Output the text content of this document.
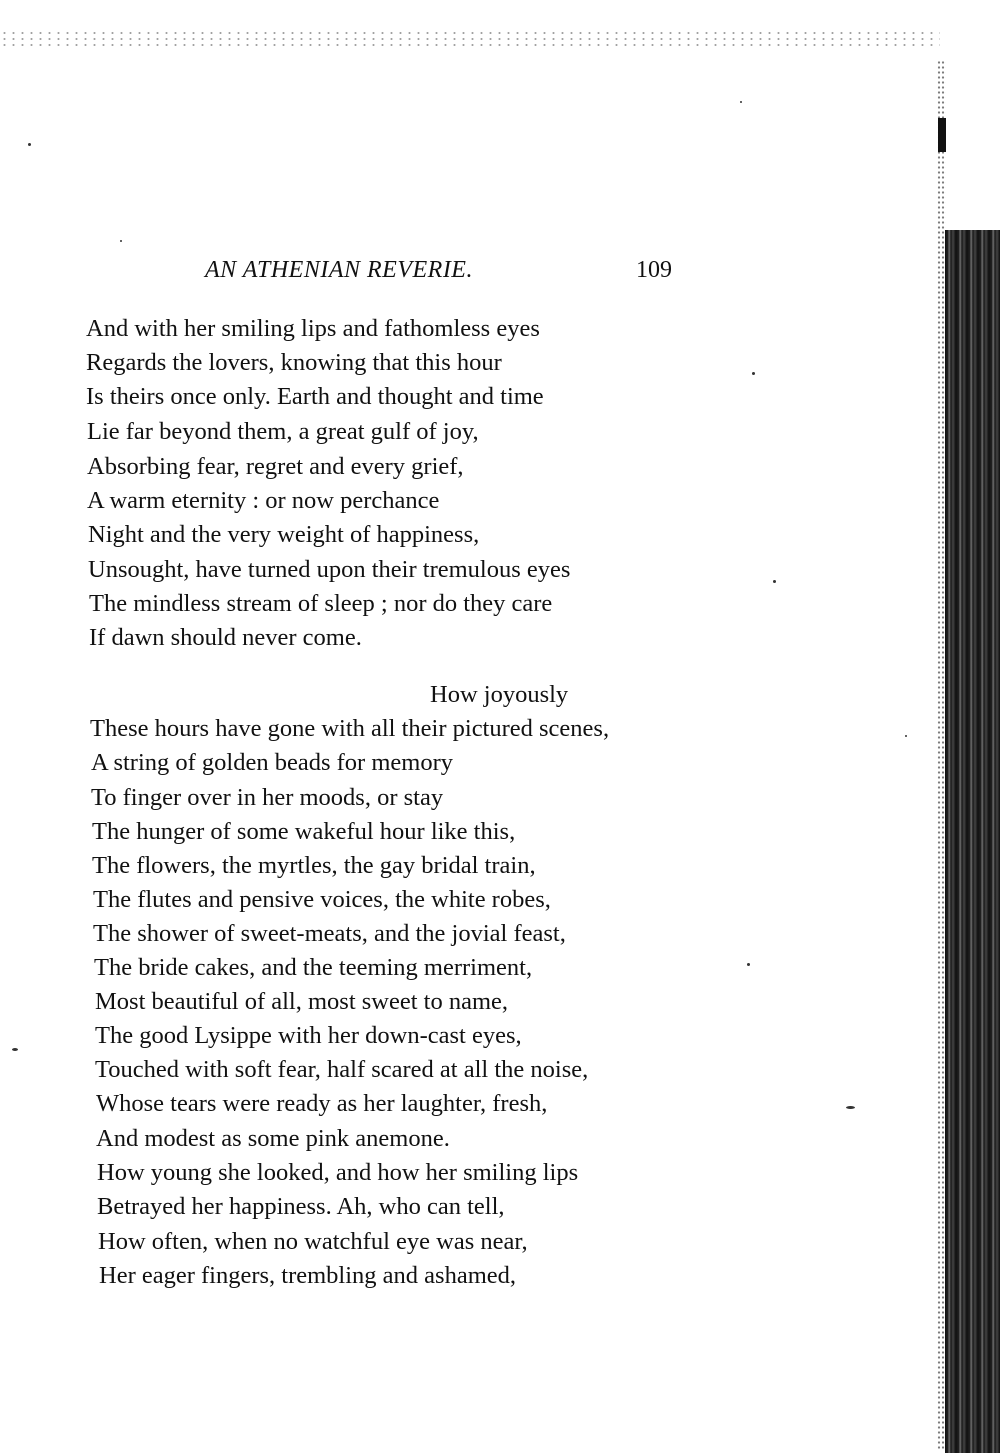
AN ATHENIAN REVERIE.	109
And with her smiling lips and fathomless eyes
Regards the lovers, knowing that this hour
Is theirs once only. Earth and thought and time
Lie far beyond them, a great gulf of joy,
Absorbing fear, regret and every grief,
A warm eternity : or now perchance
Night and the very weight of happiness,
Unsought, have turned upon their tremulous eyes
The mindless stream of sleep ; nor do they care
If dawn should never come.
How joyously
These hours have gone with all their pictured scenes,
A string of golden beads for memory
To finger over in her moods, or stay
The hunger of some wakeful hour like this,
The flowers, the myrtles, the gay bridal train,
The flutes and pensive voices, the white robes,
The shower of sweet-meats, and the jovial feast,
The bride cakes, and the teeming merriment,
Most beautiful of all, most sweet to name,
The good Lysippe with her down-cast eyes,
Touched with soft fear, half scared at all the noise,
Whose tears were ready as her laughter, fresh,
And modest as some pink anemone.
How young she looked, and how her smiling lips
Betrayed her happiness. Ah, who can tell,
How often, when no watchful eye was near,
Her eager fingers, trembling and ashamed,
